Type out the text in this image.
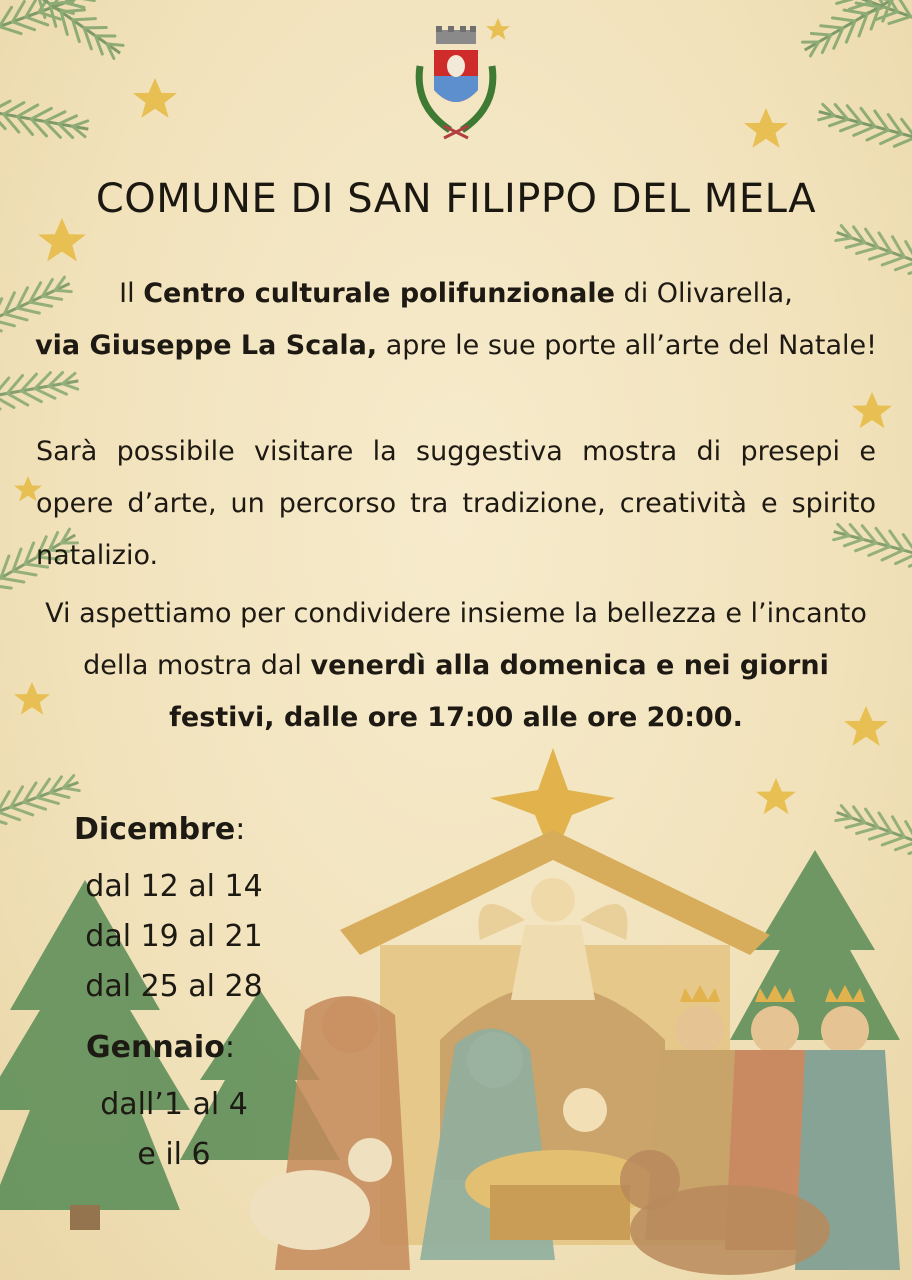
COMUNE DI SAN FILIPPO DEL MELA
Il Centro culturale polifunzionale di Olivarella,
via Giuseppe La Scala, apre le sue porte all’arte del Natale!
Sarà possibile visitare la suggestiva mostra di presepi e opere d’arte, un percorso tra tradizione, creatività e spirito natalizio.
Vi aspettiamo per condividere insieme la bellezza e l’incanto della mostra dal venerdì alla domenica e nei giorni festivi, dalle ore 17:00 alle ore 20:00.
Dicembre:
dal 12 al 14
dal 19 al 21
dal 25 al 28
Gennaio:
dall’1 al 4
e il 6
